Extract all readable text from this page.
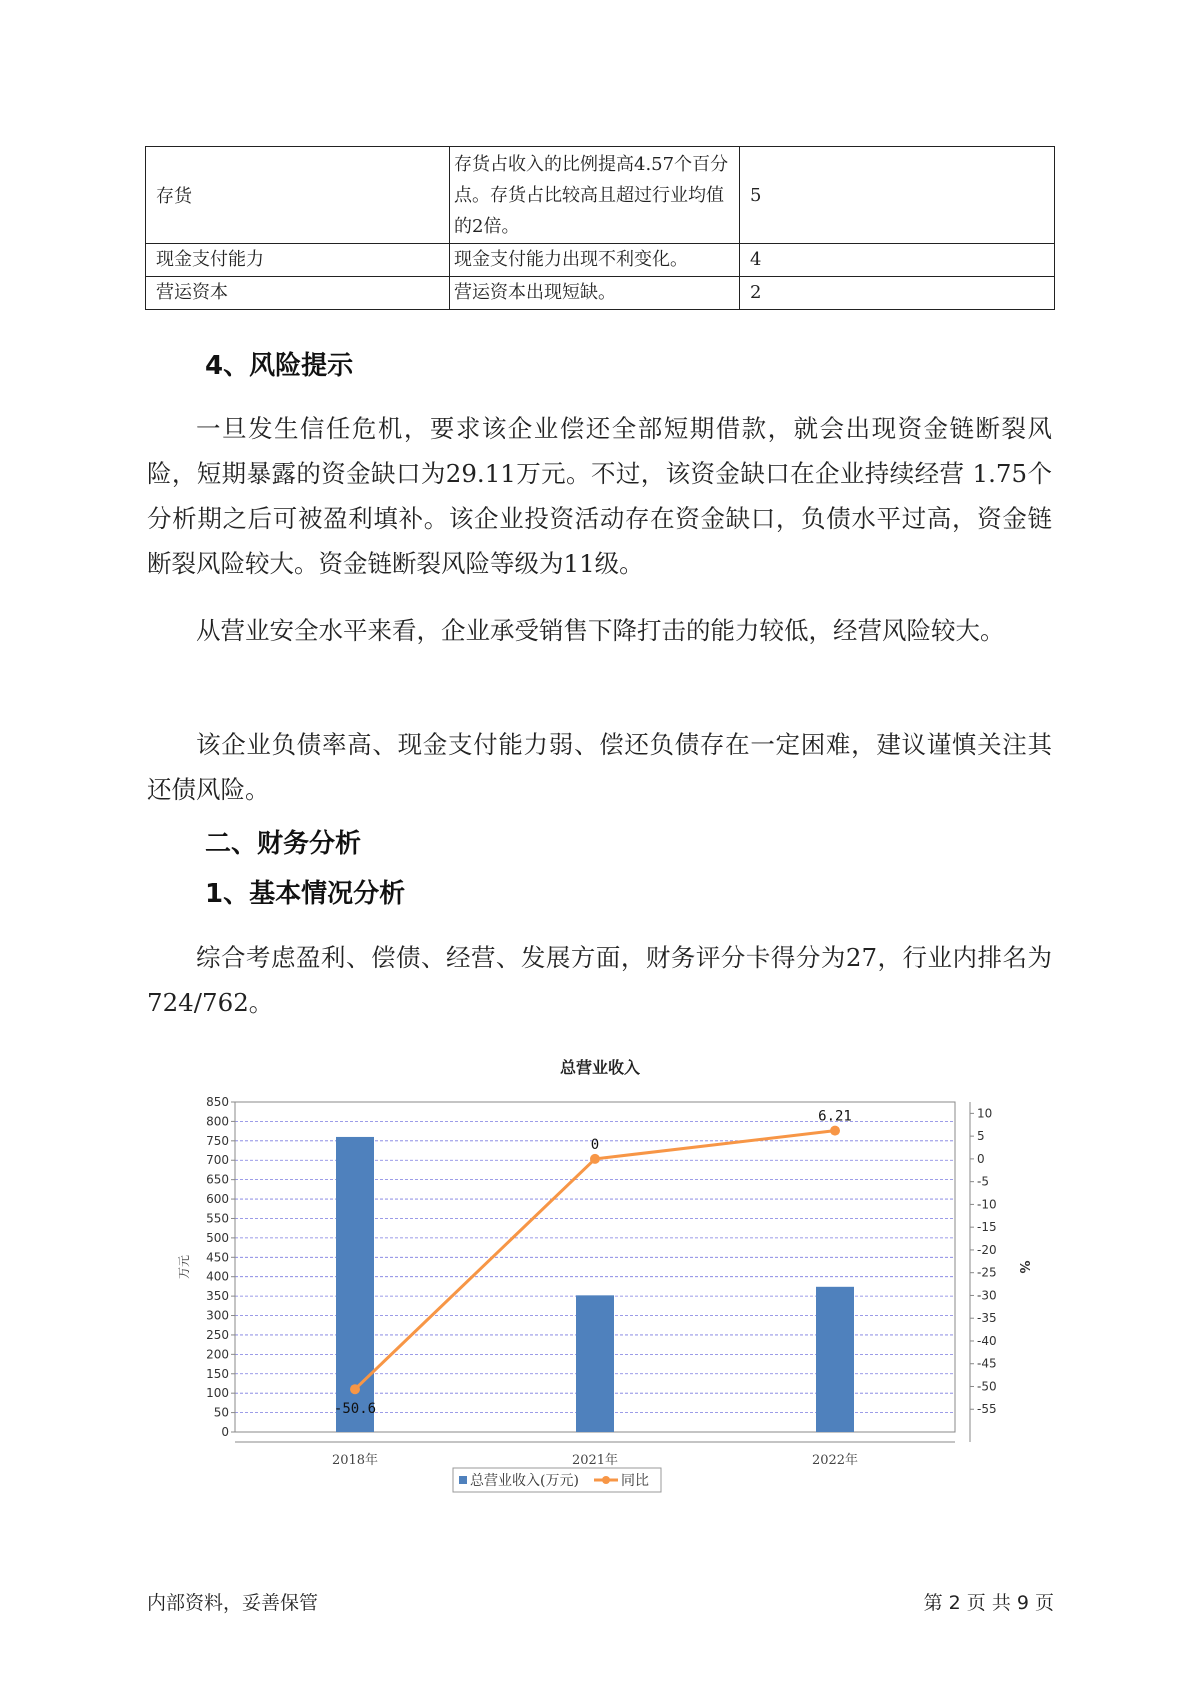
存货	存货占收入的比例提高4.57个百分点。存货占比较高且超过行业均值的2倍。	5
现金支付能力	现金支付能力出现不利变化。	4
营运资本	营运资本出现短缺。	2
4、风险提示
一旦发生信任危机，要求该企业偿还全部短期借款，就会出现资金链断裂风险，短期暴露的资金缺口为29.11万元。不过，该资金缺口在企业持续经营 1.75个分析期之后可被盈利填补。该企业投资活动存在资金缺口，负债水平过高，资金链断裂风险较大。资金链断裂风险等级为11级。
从营业安全水平来看，企业承受销售下降打击的能力较低，经营风险较大。
该企业负债率高、现金支付能力弱、偿还负债存在一定困难，建议谨慎关注其还债风险。
二、财务分析
1、基本情况分析
综合考虑盈利、偿债、经营、发展方面，财务评分卡得分为27，行业内排名为724/762。
总营业收入
0
50
100
150
200
250
300
350
400
450
500
550
600
650
700
750
800
850
10
5
0
-5
-10
-15
-20
-25
-30
-35
-40
-45
-50
-55
万元	%
2018年	2021年	2022年
-50.6
0
6.21
总营业收入(万元)	同比
内部资料，妥善保管	第 2 页 共 9 页
